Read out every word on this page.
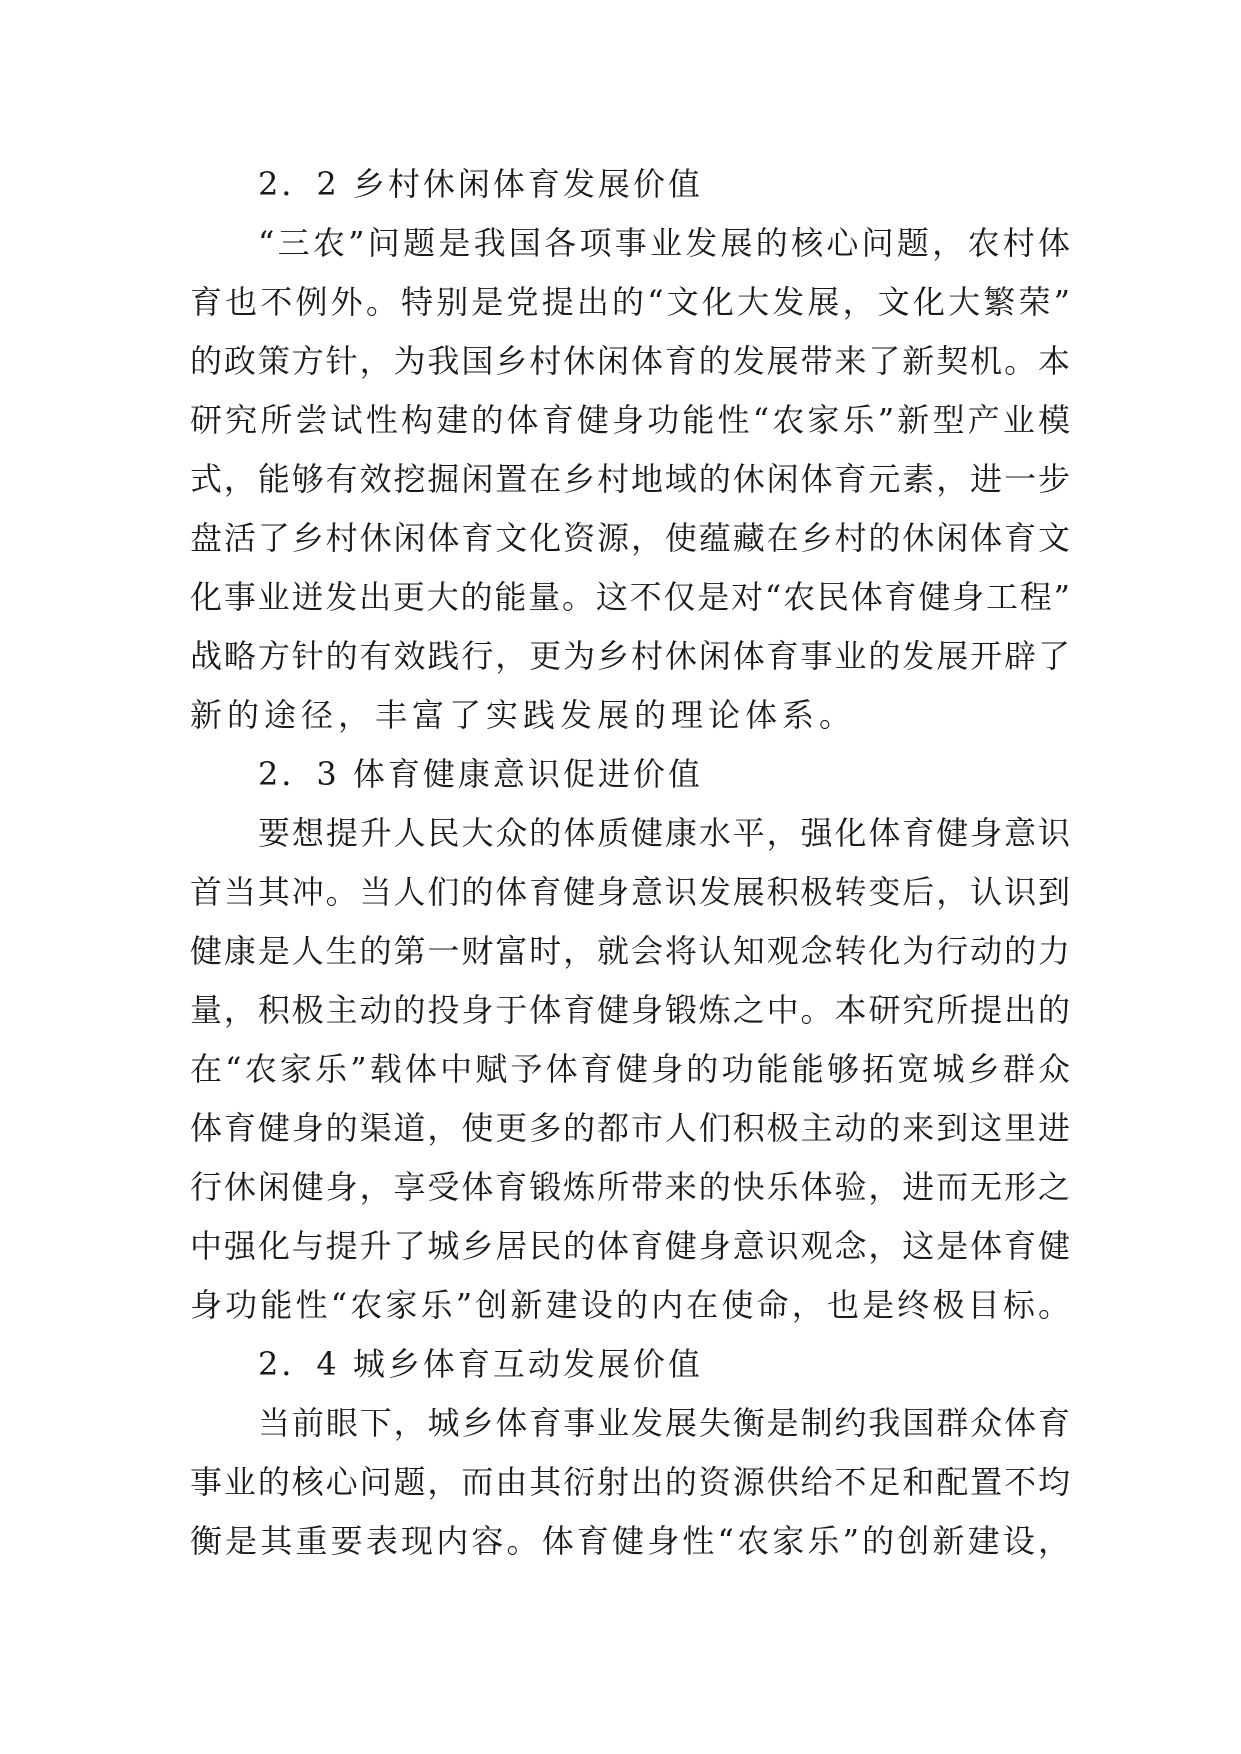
2．2 乡村休闲体育发展价值
“三农”问题是我国各项事业发展的核心问题，农村体
育也不例外。特别是党提出的“文化大发展，文化大繁荣”
的政策方针，为我国乡村休闲体育的发展带来了新契机。本
研究所尝试性构建的体育健身功能性“农家乐”新型产业模
式，能够有效挖掘闲置在乡村地域的休闲体育元素，进一步
盘活了乡村休闲体育文化资源，使蕴藏在乡村的休闲体育文
化事业迸发出更大的能量。这不仅是对“农民体育健身工程”
战略方针的有效践行，更为乡村休闲体育事业的发展开辟了
新的途径，丰富了实践发展的理论体系。
2．3 体育健康意识促进价值
要想提升人民大众的体质健康水平，强化体育健身意识
首当其冲。当人们的体育健身意识发展积极转变后，认识到
健康是人生的第一财富时，就会将认知观念转化为行动的力
量，积极主动的投身于体育健身锻炼之中。本研究所提出的
在“农家乐”载体中赋予体育健身的功能能够拓宽城乡群众
体育健身的渠道，使更多的都市人们积极主动的来到这里进
行休闲健身，享受体育锻炼所带来的快乐体验，进而无形之
中强化与提升了城乡居民的体育健身意识观念，这是体育健
身功能性“农家乐”创新建设的内在使命，也是终极目标。
2．4 城乡体育互动发展价值
当前眼下，城乡体育事业发展失衡是制约我国群众体育
事业的核心问题，而由其衍射出的资源供给不足和配置不均
衡是其重要表现内容。体育健身性“农家乐”的创新建设，
